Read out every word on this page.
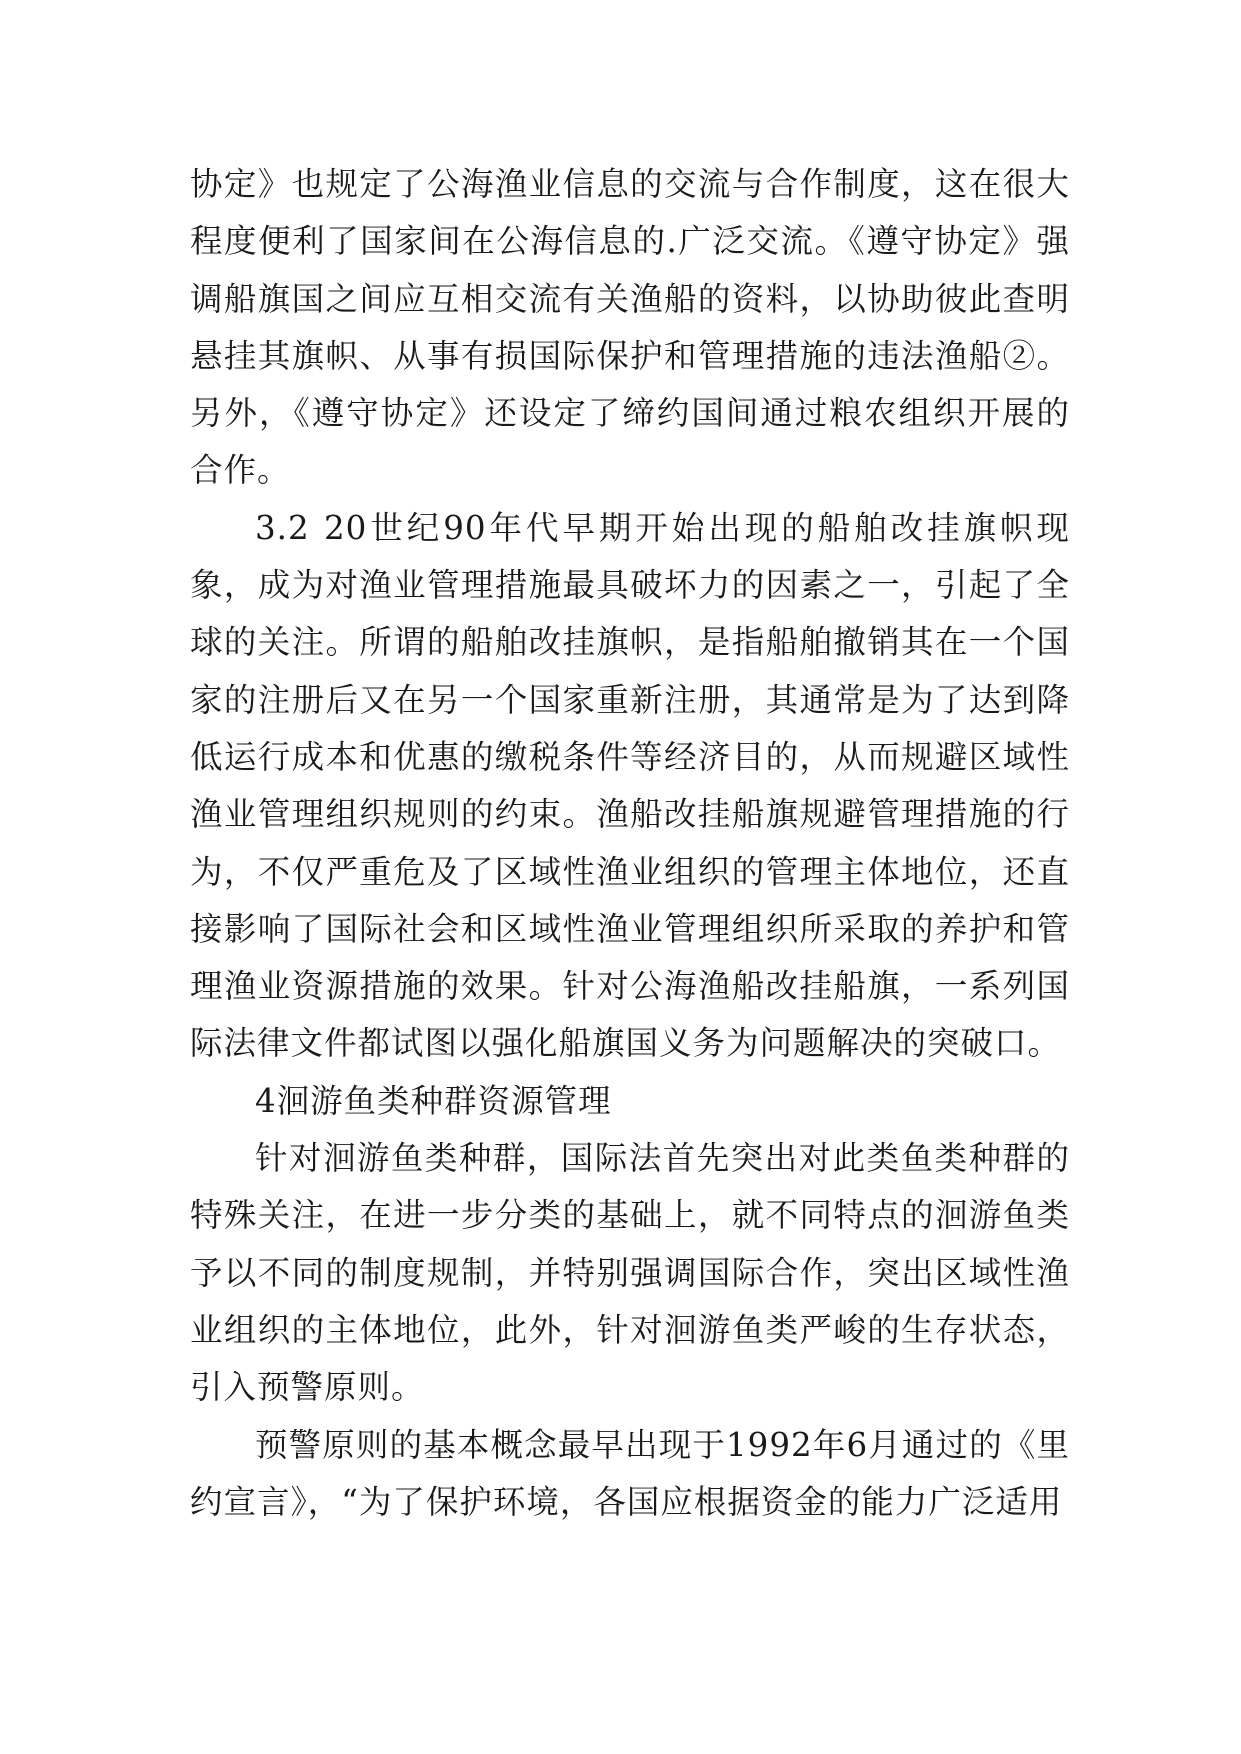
协定》也规定了公海渔业信息的交流与合作制度，这在很大程度便利了国家间在公海信息的.广泛交流。《遵守协定》强调船旗国之间应互相交流有关渔船的资料，以协助彼此查明悬挂其旗帜、从事有损国际保护和管理措施的违法渔船②。另外，《遵守协定》还设定了缔约国间通过粮农组织开展的合作。

3.2 20世纪90年代早期开始出现的船舶改挂旗帜现象，成为对渔业管理措施最具破坏力的因素之一，引起了全球的关注。所谓的船舶改挂旗帜，是指船舶撤销其在一个国家的注册后又在另一个国家重新注册，其通常是为了达到降低运行成本和优惠的缴税条件等经济目的，从而规避区域性渔业管理组织规则的约束。渔船改挂船旗规避管理措施的行为，不仅严重危及了区域性渔业组织的管理主体地位，还直接影响了国际社会和区域性渔业管理组织所采取的养护和管理渔业资源措施的效果。针对公海渔船改挂船旗，一系列国际法律文件都试图以强化船旗国义务为问题解决的突破口。

4洄游鱼类种群资源管理

针对洄游鱼类种群，国际法首先突出对此类鱼类种群的特殊关注，在进一步分类的基础上，就不同特点的洄游鱼类予以不同的制度规制，并特别强调国际合作，突出区域性渔业组织的主体地位，此外，针对洄游鱼类严峻的生存状态，引入预警原则。

预警原则的基本概念最早出现于1992年6月通过的《里约宣言》，“为了保护环境，各国应根据资金的能力广泛适用
